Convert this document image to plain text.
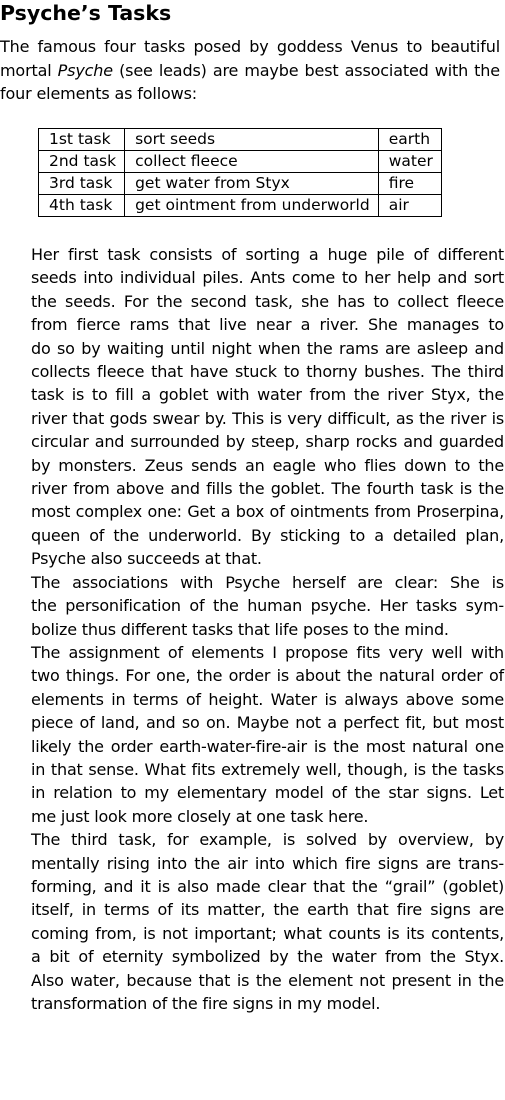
Psyche’s Tasks
The famous four tasks posed by goddess Venus to beautiful mortal Psyche (see leads) are maybe best associated with the four elements as follows:
1st task	sort seeds	earth
2nd task	collect fleece	water
3rd task	get water from Styx	fire
4th task	get ointment from underworld	air

Her first task consists of sorting a huge pile of different
seeds into individual piles. Ants come to her help and sort
the seeds. For the second task, she has to collect fleece
from fierce rams that live near a river. She manages to
do so by waiting until night when the rams are asleep and
collects fleece that have stuck to thorny bushes. The third
task is to fill a goblet with water from the river Styx, the
river that gods swear by. This is very difficult, as the river is
circular and surrounded by steep, sharp rocks and guarded
by monsters. Zeus sends an eagle who flies down to the
river from above and fills the goblet. The fourth task is the
most complex one: Get a box of ointments from Proserpina,
queen of the underworld. By sticking to a detailed plan,
Psyche also succeeds at that.

The associations with Psyche herself are clear: She is
the personification of the human psyche. Her tasks sym-
bolize thus different tasks that life poses to the mind.

The assignment of elements I propose fits very well with
two things. For one, the order is about the natural order of
elements in terms of height. Water is always above some
piece of land, and so on. Maybe not a perfect fit, but most
likely the order earth-water-fire-air is the most natural one
in that sense. What fits extremely well, though, is the tasks
in relation to my elementary model of the star signs. Let
me just look more closely at one task here.

The third task, for example, is solved by overview, by
mentally rising into the air into which fire signs are trans-
forming, and it is also made clear that the “grail” (goblet)
itself, in terms of its matter, the earth that fire signs are
coming from, is not important; what counts is its contents,
a bit of eternity symbolized by the water from the Styx.
Also water, because that is the element not present in the
transformation of the fire signs in my model.
